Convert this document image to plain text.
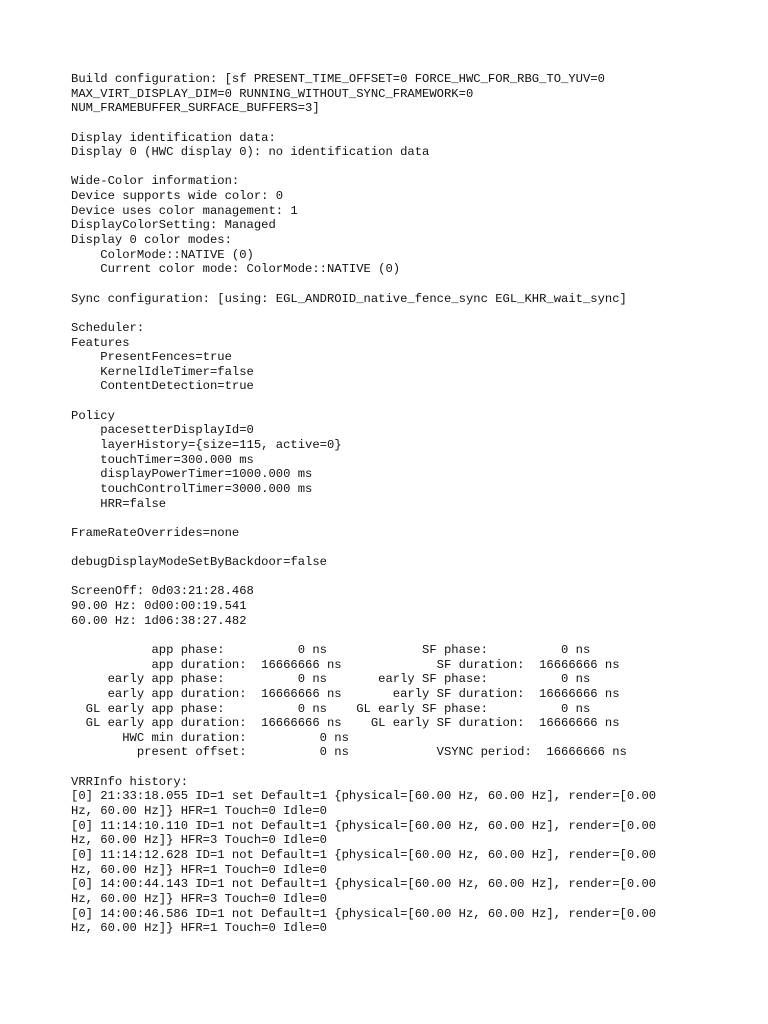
Build configuration: [sf PRESENT_TIME_OFFSET=0 FORCE_HWC_FOR_RBG_TO_YUV=0
MAX_VIRT_DISPLAY_DIM=0 RUNNING_WITHOUT_SYNC_FRAMEWORK=0
NUM_FRAMEBUFFER_SURFACE_BUFFERS=3]
Display identification data:
Display 0 (HWC display 0): no identification data
Wide-Color information:
Device supports wide color: 0
Device uses color management: 1
DisplayColorSetting: Managed
Display 0 color modes:
ColorMode::NATIVE (0)
Current color mode: ColorMode::NATIVE (0)
Sync configuration: [using: EGL_ANDROID_native_fence_sync EGL_KHR_wait_sync]
Scheduler:
Features
PresentFences=true
KernelIdleTimer=false
ContentDetection=true
Policy
pacesetterDisplayId=0
layerHistory={size=115, active=0}
touchTimer=300.000 ms
displayPowerTimer=1000.000 ms
touchControlTimer=3000.000 ms
HRR=false
FrameRateOverrides=none
debugDisplayModeSetByBackdoor=false
ScreenOff: 0d03:21:28.468
90.00 Hz: 0d00:00:19.541
60.00 Hz: 1d06:38:27.482
app phase:          0 ns             SF phase:          0 ns
app duration:  16666666 ns             SF duration:  16666666 ns
early app phase:          0 ns       early SF phase:          0 ns
early app duration:  16666666 ns       early SF duration:  16666666 ns
GL early app phase:          0 ns    GL early SF phase:          0 ns
GL early app duration:  16666666 ns    GL early SF duration:  16666666 ns
HWC min duration:          0 ns
present offset:          0 ns            VSYNC period:  16666666 ns
VRRInfo history:
[0] 21:33:18.055 ID=1 set Default=1 {physical=[60.00 Hz, 60.00 Hz], render=[0.00
Hz, 60.00 Hz]} HFR=1 Touch=0 Idle=0
[0] 11:14:10.110 ID=1 not Default=1 {physical=[60.00 Hz, 60.00 Hz], render=[0.00
Hz, 60.00 Hz]} HFR=3 Touch=0 Idle=0
[0] 11:14:12.628 ID=1 not Default=1 {physical=[60.00 Hz, 60.00 Hz], render=[0.00
Hz, 60.00 Hz]} HFR=1 Touch=0 Idle=0
[0] 14:00:44.143 ID=1 not Default=1 {physical=[60.00 Hz, 60.00 Hz], render=[0.00
Hz, 60.00 Hz]} HFR=3 Touch=0 Idle=0
[0] 14:00:46.586 ID=1 not Default=1 {physical=[60.00 Hz, 60.00 Hz], render=[0.00
Hz, 60.00 Hz]} HFR=1 Touch=0 Idle=0
